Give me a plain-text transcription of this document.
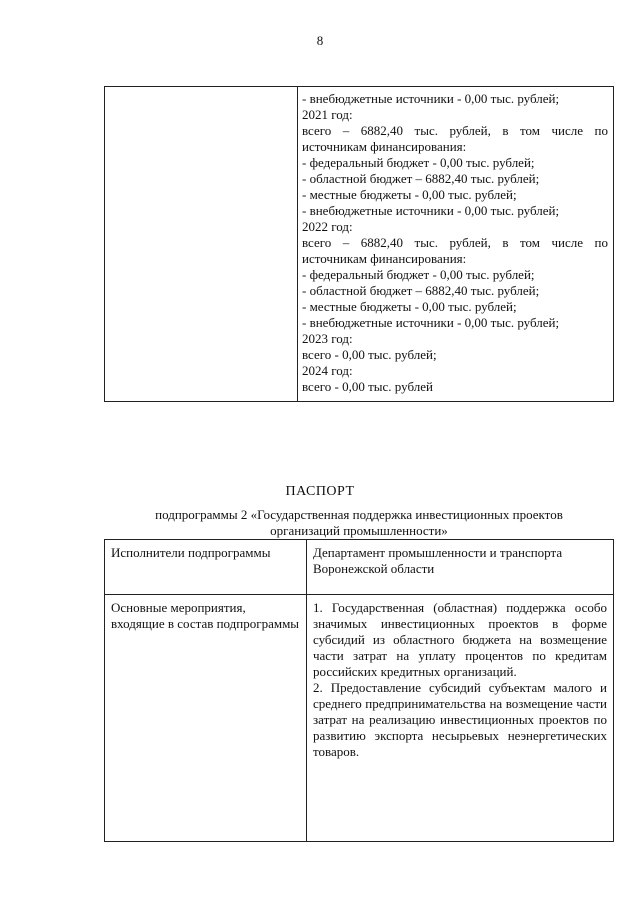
8

- внебюджетные источники - 0,00 тыс. рублей;
2021 год:
всего – 6882,40 тыс. рублей, в том числе по
источникам финансирования:
- федеральный бюджет - 0,00 тыс. рублей;
- областной бюджет – 6882,40 тыс. рублей;
- местные бюджеты - 0,00 тыс. рублей;
- внебюджетные источники - 0,00 тыс. рублей;
2022 год:
всего – 6882,40 тыс. рублей, в том числе по
источникам финансирования:
- федеральный бюджет - 0,00 тыс. рублей;
- областной бюджет – 6882,40 тыс. рублей;
- местные бюджеты - 0,00 тыс. рублей;
- внебюджетные источники - 0,00 тыс. рублей;
2023 год:
всего - 0,00 тыс. рублей;
2024 год:
всего - 0,00 тыс. рублей
ПАСПОРТ
подпрограммы 2 «Государственная поддержка инвестиционных проектов
организаций промышленности»
Исполнители подпрограммы	Департамент промышленности и транспорта
Воронежской области

Основные мероприятия, входящие в состав подпрограммы	1. Государственная (областная) поддержка особо значимых инвестиционных проектов в форме субсидий из областного бюджета на возмещение части затрат на уплату процентов по кредитам российских кредитных организаций.
2. Предоставление субсидий субъектам малого и среднего предпринимательства на возмещение части затрат на реализацию инвестиционных проектов по развитию экспорта несырьевых неэнергетических товаров.
